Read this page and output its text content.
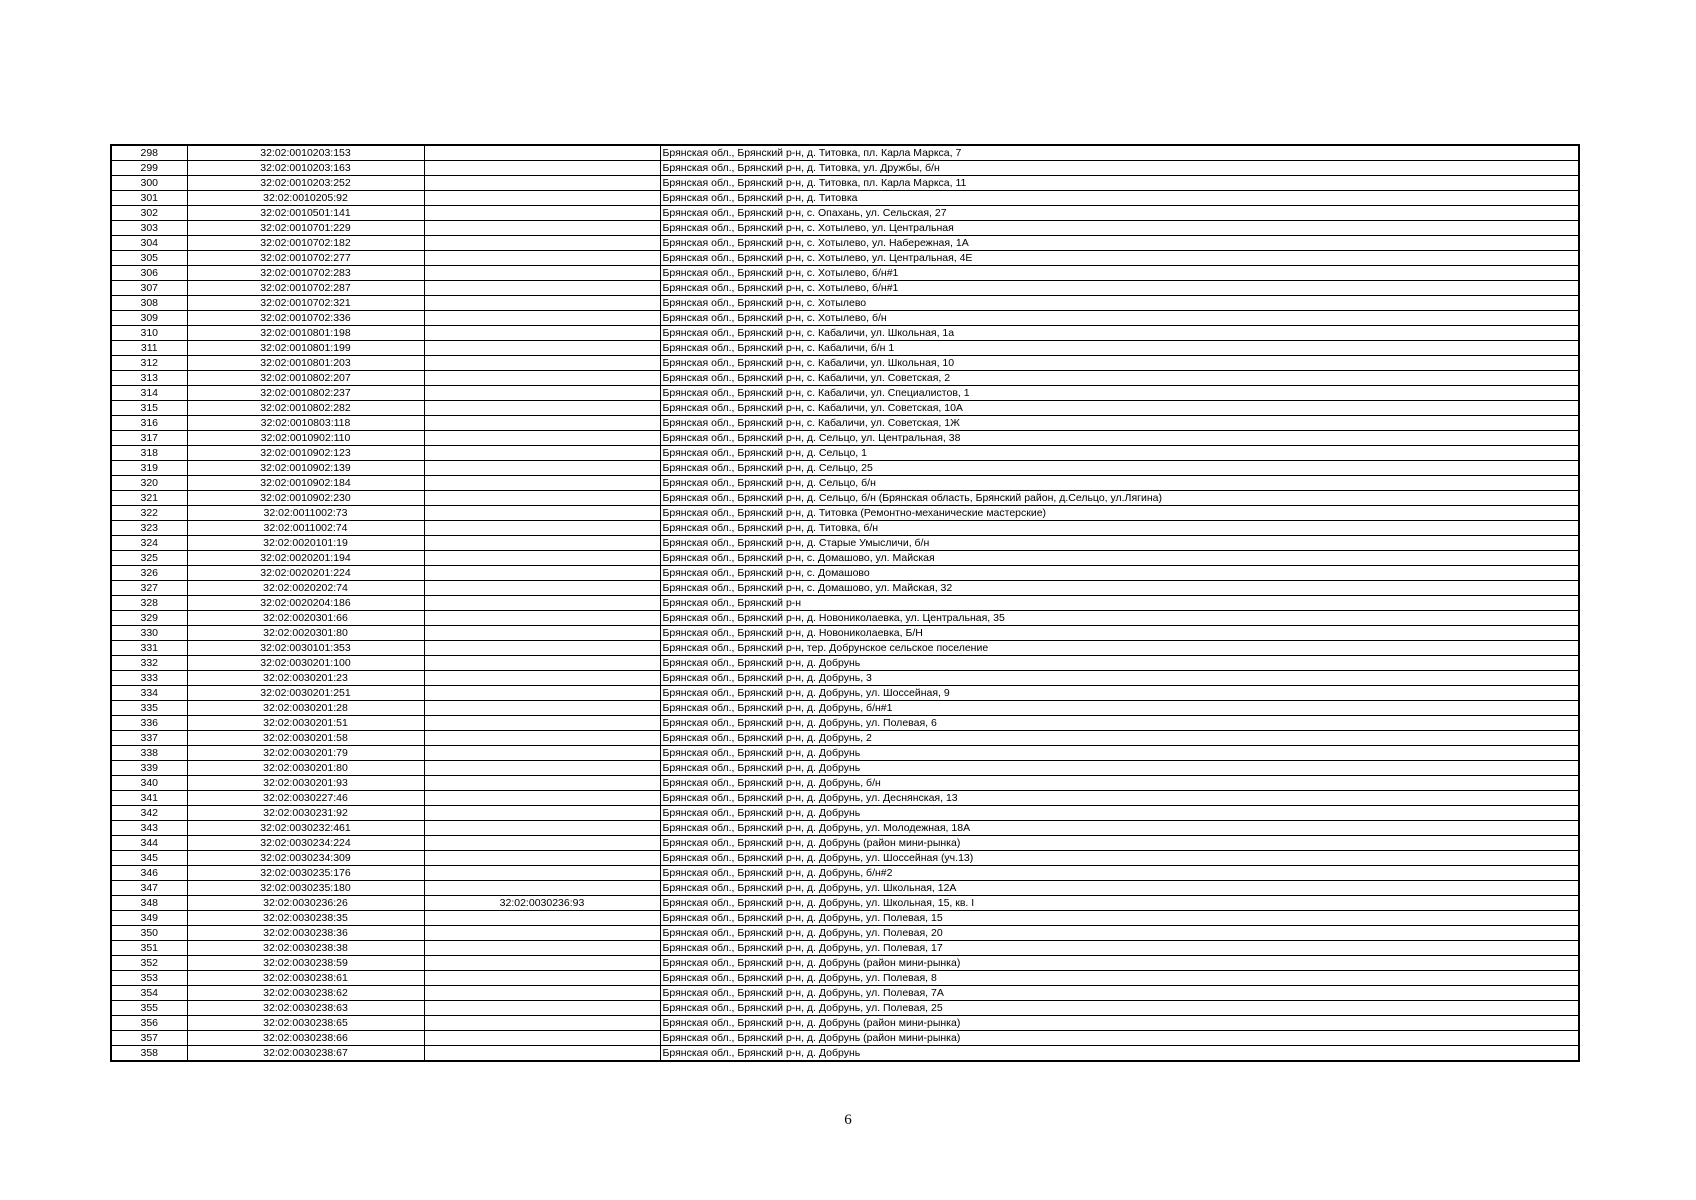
298	32:02:0010203:153		Брянская обл., Брянский р-н, д. Титовка, пл. Карла Маркса, 7
299	32:02:0010203:163		Брянская обл., Брянский р-н, д. Титовка, ул. Дружбы, б/н
300	32:02:0010203:252		Брянская обл., Брянский р-н, д. Титовка, пл. Карла Маркса, 11
301	32:02:0010205:92		Брянская обл., Брянский р-н, д. Титовка
302	32:02:0010501:141		Брянская обл., Брянский р-н, с. Опахань, ул. Сельская, 27
303	32:02:0010701:229		Брянская обл., Брянский р-н, с. Хотылево, ул. Центральная
304	32:02:0010702:182		Брянская обл., Брянский р-н, с. Хотылево, ул. Набережная, 1А
305	32:02:0010702:277		Брянская обл., Брянский р-н, с. Хотылево, ул. Центральная, 4Е
306	32:02:0010702:283		Брянская обл., Брянский р-н, с. Хотылево, б/н#1
307	32:02:0010702:287		Брянская обл., Брянский р-н, с. Хотылево, б/н#1
308	32:02:0010702:321		Брянская обл., Брянский р-н, с. Хотылево
309	32:02:0010702:336		Брянская обл., Брянский р-н, с. Хотылево, б/н
310	32:02:0010801:198		Брянская обл., Брянский р-н, с. Кабаличи, ул. Школьная, 1а
311	32:02:0010801:199		Брянская обл., Брянский р-н, с. Кабаличи, б/н 1
312	32:02:0010801:203		Брянская обл., Брянский р-н, с. Кабаличи, ул. Школьная, 10
313	32:02:0010802:207		Брянская обл., Брянский р-н, с. Кабаличи, ул. Советская, 2
314	32:02:0010802:237		Брянская обл., Брянский р-н, с. Кабаличи, ул. Специалистов, 1
315	32:02:0010802:282		Брянская обл., Брянский р-н, с. Кабаличи, ул. Советская, 10А
316	32:02:0010803:118		Брянская обл., Брянский р-н, с. Кабаличи, ул. Советская, 1Ж
317	32:02:0010902:110		Брянская обл., Брянский р-н, д. Сельцо, ул. Центральная, 38
318	32:02:0010902:123		Брянская обл., Брянский р-н, д. Сельцо, 1
319	32:02:0010902:139		Брянская обл., Брянский р-н, д. Сельцо, 25
320	32:02:0010902:184		Брянская обл., Брянский р-н, д. Сельцо, б/н
321	32:02:0010902:230		Брянская обл., Брянский р-н, д. Сельцо, б/н (Брянская область, Брянский район, д.Сельцо, ул.Лягина)
322	32:02:0011002:73		Брянская обл., Брянский р-н, д. Титовка (Ремонтно-механические мастерские)
323	32:02:0011002:74		Брянская обл., Брянский р-н, д. Титовка, б/н
324	32:02:0020101:19		Брянская обл., Брянский р-н, д. Старые Умысличи, б/н
325	32:02:0020201:194		Брянская обл., Брянский р-н, с. Домашово, ул. Майская
326	32:02:0020201:224		Брянская обл., Брянский р-н, с. Домашово
327	32:02:0020202:74		Брянская обл., Брянский р-н, с. Домашово, ул. Майская, 32
328	32:02:0020204:186		Брянская обл., Брянский р-н
329	32:02:0020301:66		Брянская обл., Брянский р-н, д. Новониколаевка, ул. Центральная, 35
330	32:02:0020301:80		Брянская обл., Брянский р-н, д. Новониколаевка, Б/Н
331	32:02:0030101:353		Брянская обл., Брянский р-н, тер. Добрунское сельское поселение
332	32:02:0030201:100		Брянская обл., Брянский р-н, д. Добрунь
333	32:02:0030201:23		Брянская обл., Брянский р-н, д. Добрунь, 3
334	32:02:0030201:251		Брянская обл., Брянский р-н, д. Добрунь, ул. Шоссейная, 9
335	32:02:0030201:28		Брянская обл., Брянский р-н, д. Добрунь, б/н#1
336	32:02:0030201:51		Брянская обл., Брянский р-н, д. Добрунь, ул. Полевая, 6
337	32:02:0030201:58		Брянская обл., Брянский р-н, д. Добрунь, 2
338	32:02:0030201:79		Брянская обл., Брянский р-н, д. Добрунь
339	32:02:0030201:80		Брянская обл., Брянский р-н, д. Добрунь
340	32:02:0030201:93		Брянская обл., Брянский р-н, д. Добрунь, б/н
341	32:02:0030227:46		Брянская обл., Брянский р-н, д. Добрунь, ул. Деснянская, 13
342	32:02:0030231:92		Брянская обл., Брянский р-н, д. Добрунь
343	32:02:0030232:461		Брянская обл., Брянский р-н, д. Добрунь, ул. Молодежная, 18А
344	32:02:0030234:224		Брянская обл., Брянский р-н, д. Добрунь (район мини-рынка)
345	32:02:0030234:309		Брянская обл., Брянский р-н, д. Добрунь, ул. Шоссейная (уч.13)
346	32:02:0030235:176		Брянская обл., Брянский р-н, д. Добрунь, б/н#2
347	32:02:0030235:180		Брянская обл., Брянский р-н, д. Добрунь, ул. Школьная, 12А
348	32:02:0030236:26	32:02:0030236:93	Брянская обл., Брянский р-н, д. Добрунь, ул. Школьная, 15, кв. I
349	32:02:0030238:35		Брянская обл., Брянский р-н, д. Добрунь, ул. Полевая, 15
350	32:02:0030238:36		Брянская обл., Брянский р-н, д. Добрунь, ул. Полевая, 20
351	32:02:0030238:38		Брянская обл., Брянский р-н, д. Добрунь, ул. Полевая, 17
352	32:02:0030238:59		Брянская обл., Брянский р-н, д. Добрунь (район мини-рынка)
353	32:02:0030238:61		Брянская обл., Брянский р-н, д. Добрунь, ул. Полевая, 8
354	32:02:0030238:62		Брянская обл., Брянский р-н, д. Добрунь, ул. Полевая, 7А
355	32:02:0030238:63		Брянская обл., Брянский р-н, д. Добрунь, ул. Полевая, 25
356	32:02:0030238:65		Брянская обл., Брянский р-н, д. Добрунь (район мини-рынка)
357	32:02:0030238:66		Брянская обл., Брянский р-н, д. Добрунь (район мини-рынка)
358	32:02:0030238:67		Брянская обл., Брянский р-н, д. Добрунь
6
